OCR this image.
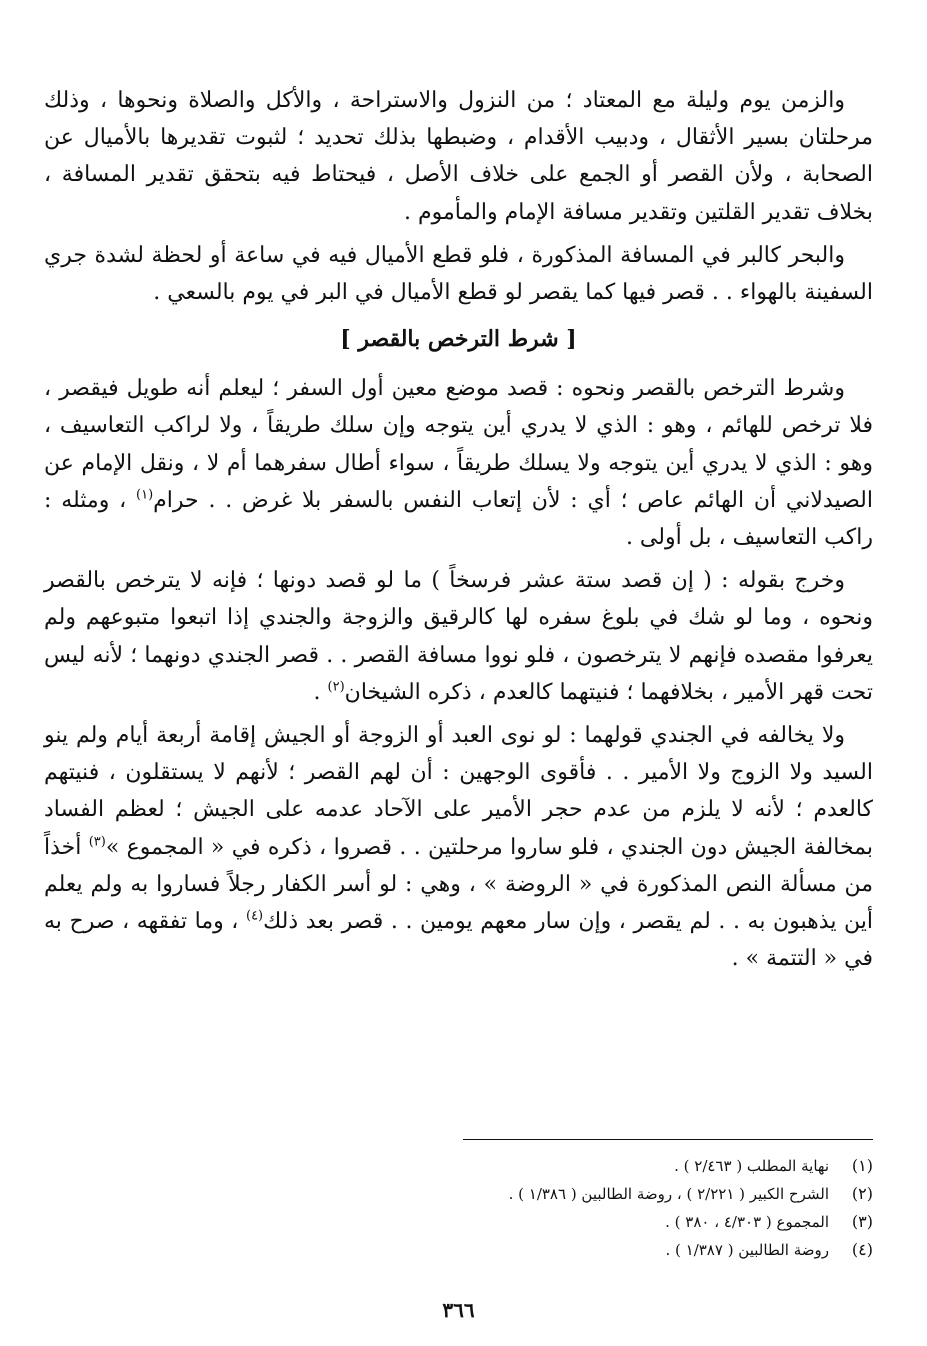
والزمن يوم وليلة مع المعتاد ؛ من النزول والاستراحة ، والأكل والصلاة ونحوها ، وذلك مرحلتان بسير الأثقال ، ودبيب الأقدام ، وضبطها بذلك تحديد ؛ لثبوت تقديرها بالأميال عن الصحابة ، ولأن القصر أو الجمع على خلاف الأصل ، فيحتاط فيه بتحقق تقدير المسافة ، بخلاف تقدير القلتين وتقدير مسافة الإمام والمأموم .

والبحر كالبر في المسافة المذكورة ، فلو قطع الأميال فيه في ساعة أو لحظة لشدة جري السفينة بالهواء . . قصر فيها كما يقصر لو قطع الأميال في البر في يوم بالسعي .

[ شرط الترخص بالقصر ]

وشرط الترخص بالقصر ونحوه : قصد موضع معين أول السفر ؛ ليعلم أنه طويل فيقصر ، فلا ترخص للهائم ، وهو : الذي لا يدري أين يتوجه وإن سلك طريقاً ، ولا لراكب التعاسيف ، وهو : الذي لا يدري أين يتوجه ولا يسلك طريقاً ، سواء أطال سفرهما أم لا ، ونقل الإمام عن الصيدلاني أن الهائم عاص ؛ أي : لأن إتعاب النفس بالسفر بلا غرض . . حرام$^{(١)}$ ، ومثله : راكب التعاسيف ، بل أولى .

وخرج بقوله : ( إن قصد ستة عشر فرسخاً ) ما لو قصد دونها ؛ فإنه لا يترخص بالقصر ونحوه ، وما لو شك في بلوغ سفره لها كالرقيق والزوجة والجندي إذا اتبعوا متبوعهم ولم يعرفوا مقصده فإنهم لا يترخصون ، فلو نووا مسافة القصر . . قصر الجندي دونهما ؛ لأنه ليس تحت قهر الأمير ، بخلافهما ؛ فنيتهما كالعدم ، ذكره الشيخان$^{(٢)}$ .

ولا يخالفه في الجندي قولهما : لو نوى العبد أو الزوجة أو الجيش إقامة أربعة أيام ولم ينو السيد ولا الزوج ولا الأمير . . فأقوى الوجهين : أن لهم القصر ؛ لأنهم لا يستقلون ، فنيتهم كالعدم ؛ لأنه لا يلزم من عدم حجر الأمير على الآحاد عدمه على الجيش ؛ لعظم الفساد بمخالفة الجيش دون الجندي ، فلو ساروا مرحلتين . . قصروا ، ذكره في « المجموع »$^{(٣)}$ أخذاً من مسألة النص المذكورة في « الروضة » ، وهي : لو أسر الكفار رجلاً فساروا به ولم يعلم أين يذهبون به . . لم يقصر ، وإن سار معهم يومين . . قصر بعد ذلك$^{(٤)}$ ، وما تفقهه ، صرح به في « التتمة » .

(١)
نهاية المطلب ( ٢/٤٦٣ ) .
(٢)
الشرح الكبير ( ٢/٢٢١ ) ، روضة الطالبين ( ١/٣٨٦ ) .
(٣)
المجموع ( ٤/٣٠٣ ، ٣٨٠ ) .
(٤)
روضة الطالبين ( ١/٣٨٧ ) .
٣٦٦
